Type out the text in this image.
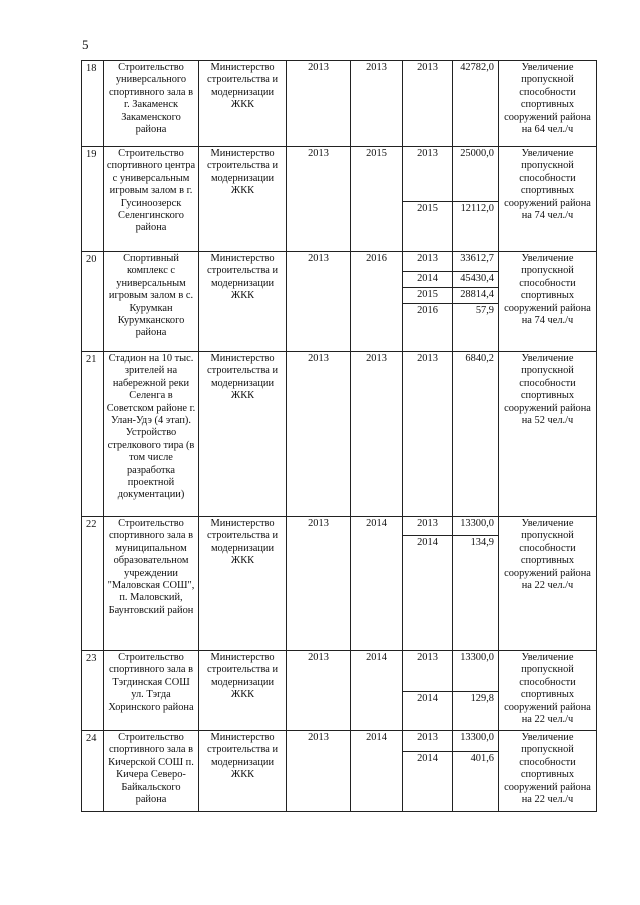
5
18	Строительство универсального спортивного зала в г. Закаменск Закаменского района	Министерство строительства и модернизации ЖКК	2013	2013	2013	42782,0	Увеличение пропускной способности спортивных сооружений района на 64 чел./ч
19	Строительство спортивного центра с универсальным игровым залом в г. Гусиноозерск Селенгинского района	Министерство строительства и модернизации ЖКК	2013	2015	2013	25000,0	Увеличение пропускной способности спортивных сооружений района на 74 чел./ч
					2015	12112,0	
20	Спортивный комплекс с универсальным игровым залом в с. Курумкан Курумканского района	Министерство строительства и модернизации ЖКК	2013	2016	2013	33612,7	Увеличение пропускной способности спортивных сооружений района на 74 чел./ч
					2014	45430,4	
					2015	28814,4	
					2016	57,9	
21	Стадион на 10 тыс. зрителей на набережной реки Селенга в Советском районе г. Улан-Удэ (4 этап). Устройство стрелкового тира (в том числе разработка проектной документации)	Министерство строительства и модернизации ЖКК	2013	2013	2013	6840,2	Увеличение пропускной способности спортивных сооружений района на 52 чел./ч
22	Строительство спортивного зала в муниципальном образовательном учреждении "Маловская СОШ", п. Маловский, Баунтовский район	Министерство строительства и модернизации ЖКК	2013	2014	2013	13300,0	Увеличение пропускной способности спортивных сооружений района на 22 чел./ч
					2014	134,9	
23	Строительство спортивного зала в Тэгдинская СОШ ул. Тэгда Хоринского района	Министерство строительства и модернизации ЖКК	2013	2014	2013	13300,0	Увеличение пропускной способности спортивных сооружений района на 22 чел./ч
					2014	129,8	
24	Строительство спортивного зала в Кичерской СОШ п. Кичера Северо-Байкальского района	Министерство строительства и модернизации ЖКК	2013	2014	2013	13300,0	Увеличение пропускной способности спортивных сооружений района на 22 чел./ч
					2014	401,6	
